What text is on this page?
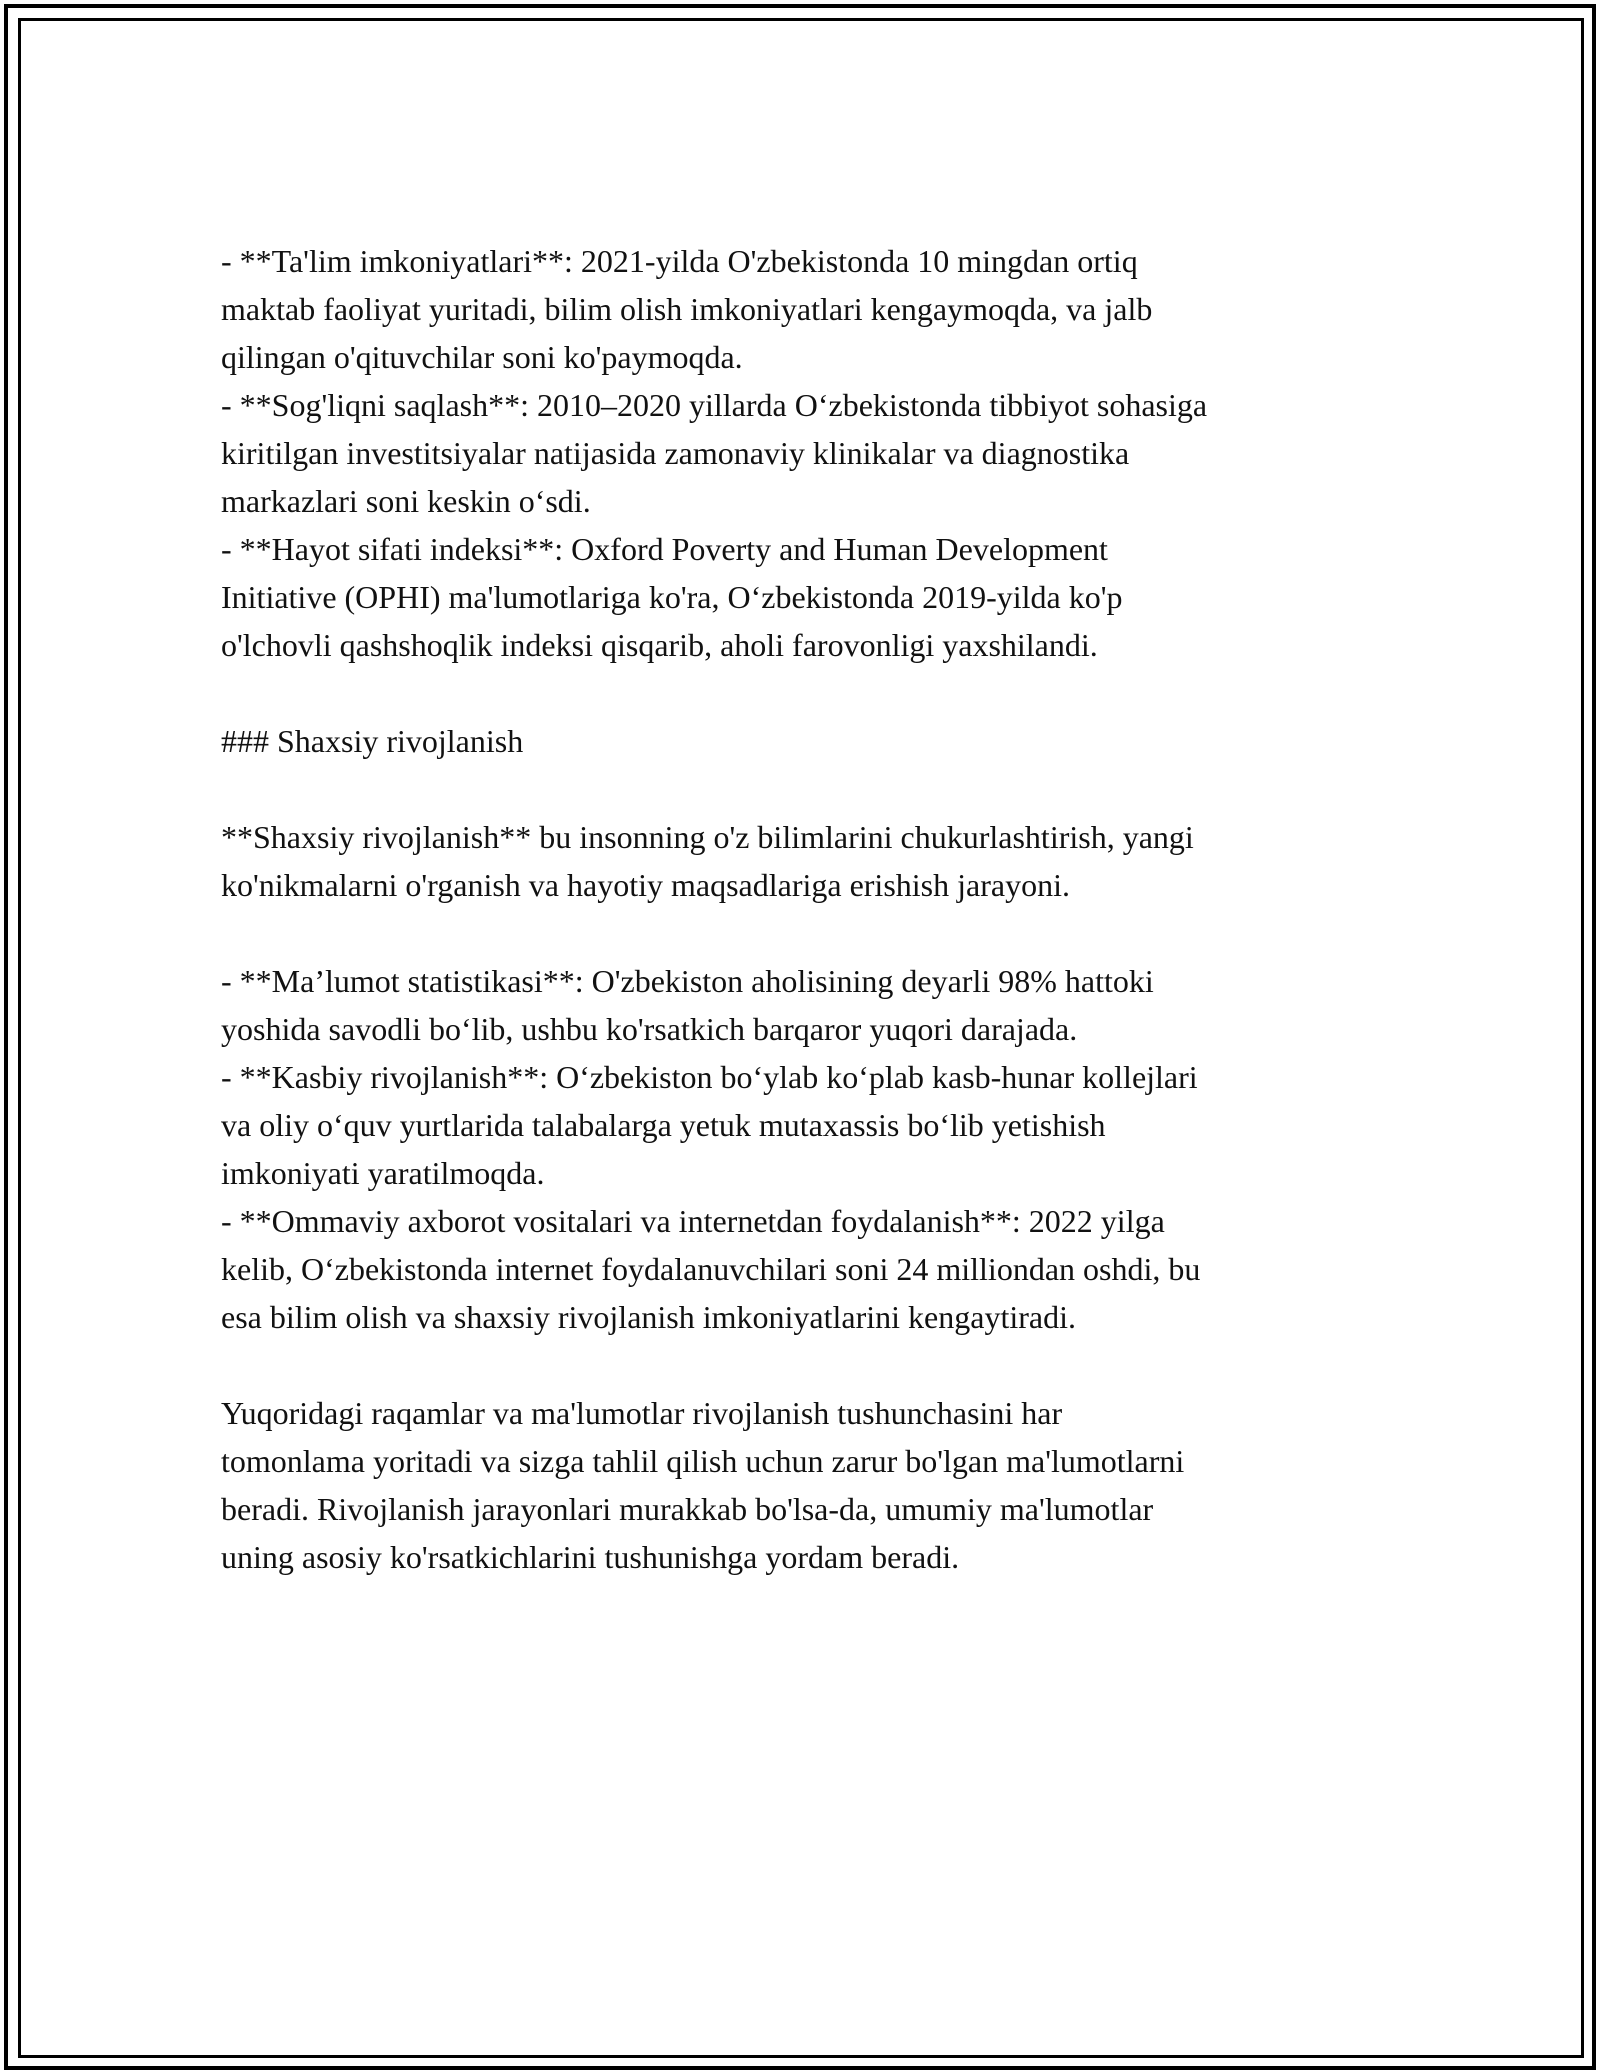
- **Ta'lim imkoniyatlari**: 2021-yilda O'zbekistonda 10 mingdan ortiq
maktab faoliyat yuritadi, bilim olish imkoniyatlari kengaymoqda, va jalb
qilingan o'qituvchilar soni ko'paymoqda.
- **Sog'liqni saqlash**: 2010–2020 yillarda O‘zbekistonda tibbiyot sohasiga
kiritilgan investitsiyalar natijasida zamonaviy klinikalar va diagnostika
markazlari soni keskin o‘sdi.
- **Hayot sifati indeksi**: Oxford Poverty and Human Development
Initiative (OPHI) ma'lumotlariga ko'ra, O‘zbekistonda 2019-yilda ko'p
o'lchovli qashshoqlik indeksi qisqarib, aholi farovonligi yaxshilandi.
### Shaxsiy rivojlanish
**Shaxsiy rivojlanish** bu insonning o'z bilimlarini chukurlashtirish, yangi
ko'nikmalarni o'rganish va hayotiy maqsadlariga erishish jarayoni.
- **Ma’lumot statistikasi**: O'zbekiston aholisining deyarli 98% hattoki
yoshida savodli bo‘lib, ushbu ko'rsatkich barqaror yuqori darajada.
- **Kasbiy rivojlanish**: O‘zbekiston bo‘ylab ko‘plab kasb-hunar kollejlari
va oliy o‘quv yurtlarida talabalarga yetuk mutaxassis bo‘lib yetishish
imkoniyati yaratilmoqda.
- **Ommaviy axborot vositalari va internetdan foydalanish**: 2022 yilga
kelib, O‘zbekistonda internet foydalanuvchilari soni 24 milliondan oshdi, bu
esa bilim olish va shaxsiy rivojlanish imkoniyatlarini kengaytiradi.
Yuqoridagi raqamlar va ma'lumotlar rivojlanish tushunchasini har
tomonlama yoritadi va sizga tahlil qilish uchun zarur bo'lgan ma'lumotlarni
beradi. Rivojlanish jarayonlari murakkab bo'lsa-da, umumiy ma'lumotlar
uning asosiy ko'rsatkichlarini tushunishga yordam beradi.
